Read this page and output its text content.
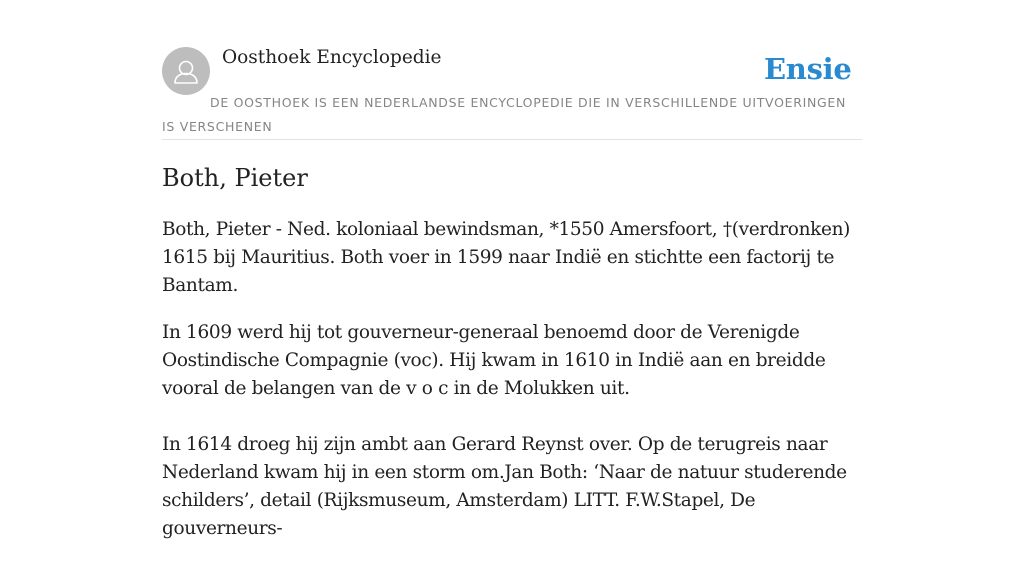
Oosthoek Encyclopedie	Ensie
DE OOSTHOEK IS EEN NEDERLANDSE ENCYCLOPEDIE DIE IN VERSCHILLENDE UITVOERINGEN IS VERSCHENEN
Both, Pieter

Both, Pieter - Ned. koloniaal bewindsman, *1550 Amersfoort, †(verdronken) 1615 bij Mauritius. Both voer in 1599 naar Indië en stichtte een factorij te Bantam.

In 1609 werd hij tot gouverneur-generaal benoemd door de Verenigde Oostindische Compagnie (voc). Hij kwam in 1610 in Indië aan en breidde vooral de belangen van de v o c in de Molukken uit.

In 1614 droeg hij zijn ambt aan Gerard Reynst over. Op de terugreis naar Nederland kwam hij in een storm om.Jan Both: ‘Naar de natuur studerende schilders’, detail (Rijksmuseum, Amsterdam) LITT. F.W.Stapel, De gouverneurs-
